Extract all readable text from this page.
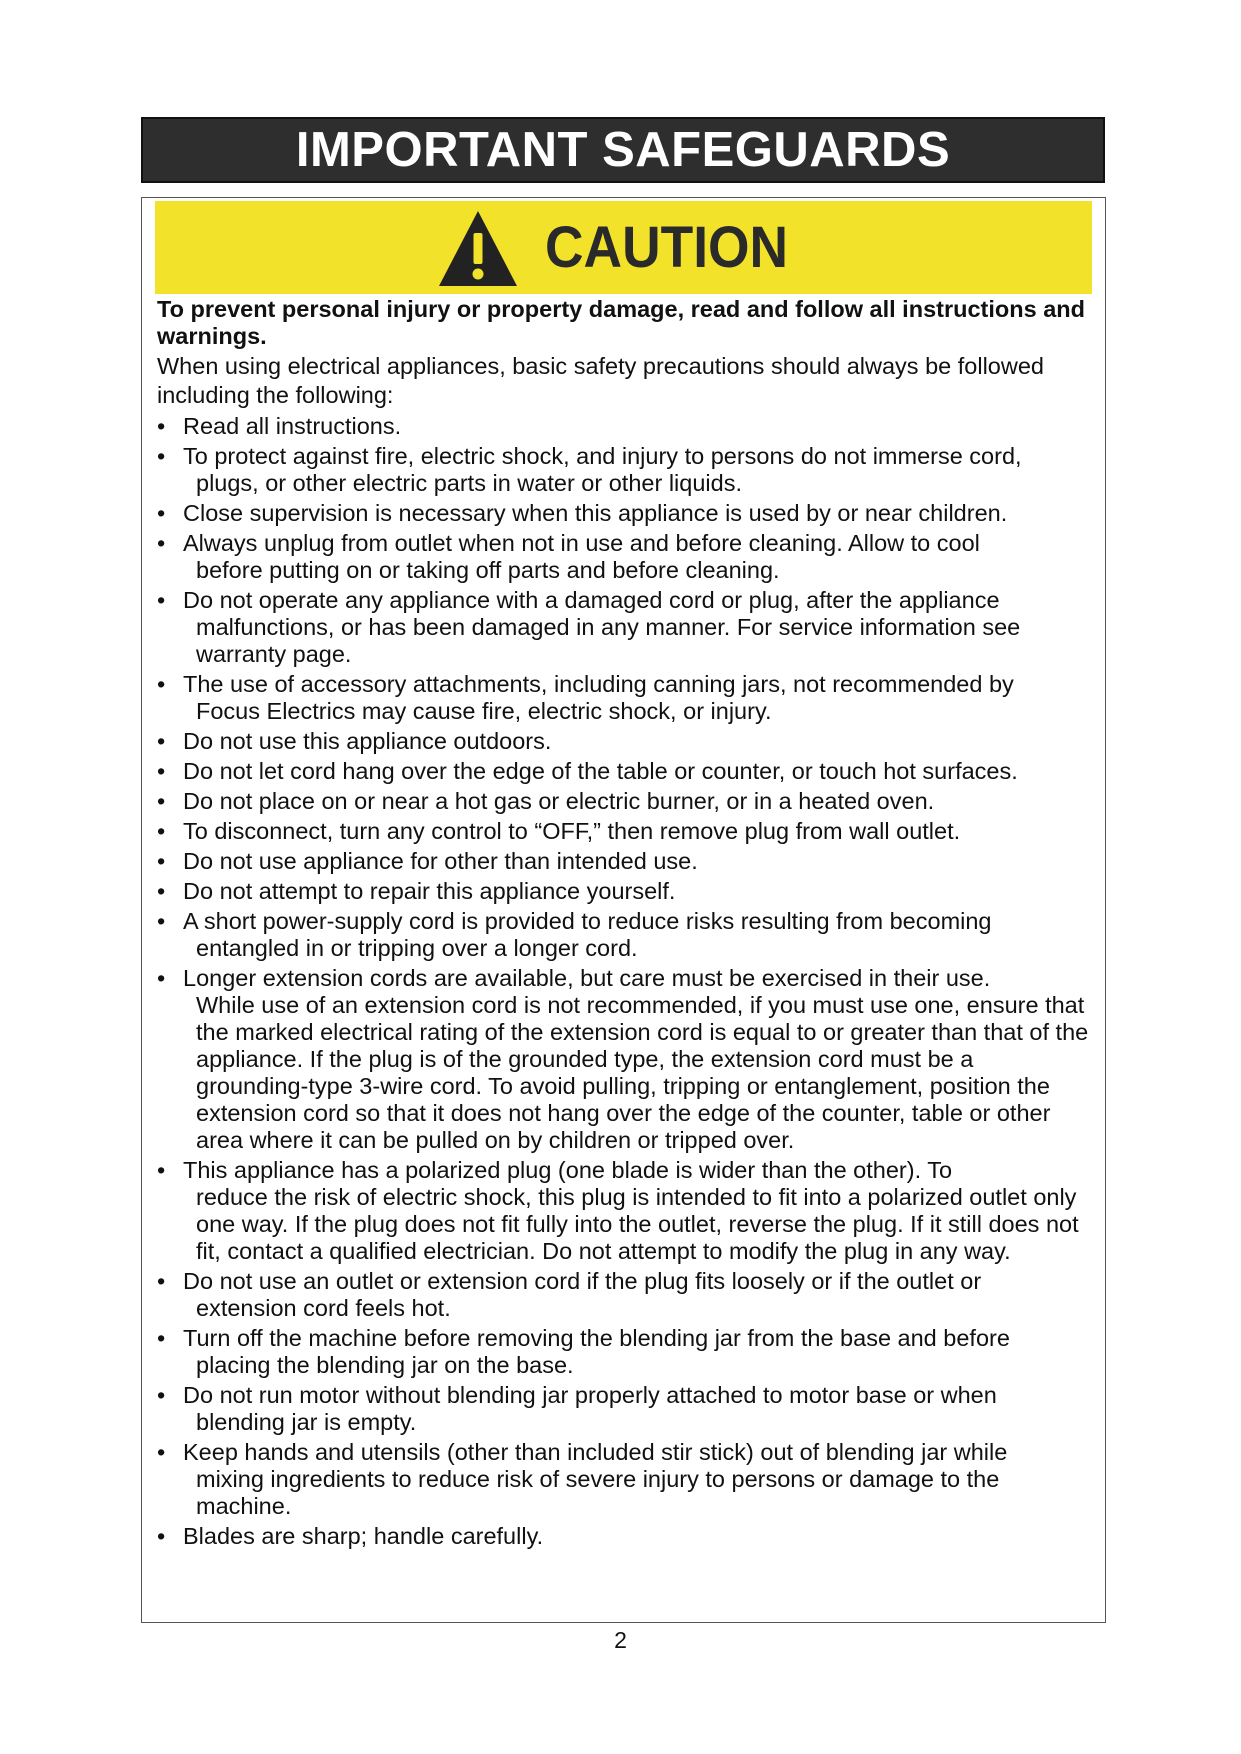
IMPORTANT SAFEGUARDS
CAUTION

To prevent personal injury or property damage, read and follow all instructions and warnings.

When using electrical appliances, basic safety precautions should always be followed including the following:

• Read all instructions.
• To protect against fire, electric shock, and injury to persons do not immerse cord,
plugs, or other electric parts in water or other liquids.
• Close supervision is necessary when this appliance is used by or near children.
• Always unplug from outlet when not in use and before cleaning. Allow to cool
before putting on or taking off parts and before cleaning.
• Do not operate any appliance with a damaged cord or plug, after the appliance
malfunctions, or has been damaged in any manner. For service information see warranty page.
• The use of accessory attachments, including canning jars, not recommended by
Focus Electrics may cause fire, electric shock, or injury.
• Do not use this appliance outdoors.
• Do not let cord hang over the edge of the table or counter, or touch hot surfaces.
• Do not place on or near a hot gas or electric burner, or in a heated oven.
• To disconnect, turn any control to “OFF,” then remove plug from wall outlet.
• Do not use appliance for other than intended use.
• Do not attempt to repair this appliance yourself.
• A short power-supply cord is provided to reduce risks resulting from becoming
entangled in or tripping over a longer cord.
• Longer extension cords are available, but care must be exercised in their use.
While use of an extension cord is not recommended, if you must use one, ensure that the marked electrical rating of the extension cord is equal to or greater than that of the appliance. If the plug is of the grounded type, the extension cord must be a grounding-type 3-wire cord. To avoid pulling, tripping or entanglement, position the extension cord so that it does not hang over the edge of the counter, table or other area where it can be pulled on by children or tripped over.
• This appliance has a polarized plug (one blade is wider than the other). To
reduce the risk of electric shock, this plug is intended to fit into a polarized outlet only one way. If the plug does not fit fully into the outlet, reverse the plug. If it still does not fit, contact a qualified electrician. Do not attempt to modify the plug in any way.
• Do not use an outlet or extension cord if the plug fits loosely or if the outlet or
extension cord feels hot.
• Turn off the machine before removing the blending jar from the base and before
placing the blending jar on the base.
• Do not run motor without blending jar properly attached to motor base or when
blending jar is empty.
• Keep hands and utensils (other than included stir stick) out of blending jar while
mixing ingredients to reduce risk of severe injury to persons or damage to the machine.
• Blades are sharp; handle carefully.
2
